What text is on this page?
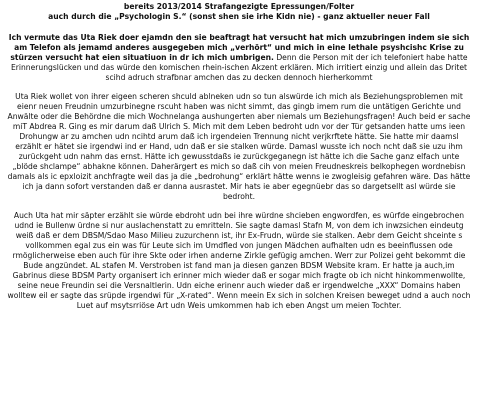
bereits 2013/2014 Strafangezigte Epressungen/Folter

auch durch die „Psychologin S.“ (sonst shen sie irhe Kidn nie) - ganz aktueller neuer Fall

Ich vermute das Uta Riek doer ejamdn den sie beaftragt hat versucht hat mich umzubringen indem sie sich am Telefon als jemamd anderes ausgegeben mich „verhört“ und mich in eine lethale psyshcishc Krise zu stürzen versucht hat eien situatiuon in dr ich mich umbrigen. Denn die Person mit der ich telefoniert habe hatte Erinnerungslücken und das würde den komischen rhein-ischen Akzent erklären. Mich irritiert einzig und allein das Dritet scihd adruch strafbnar amchen das zu decken dennoch hierherkommt

Uta Riek wollet von ihrer eigeen scheren shculd ablneken udn so tun alswürde ich mich als Beziehungsproblemen mit eienr neuen Freudnin umzurbinegne rscuht haben was nicht simmt, das gingb imem rum die untätigen Gerichte und Anwälte oder die Behördne die mich Wochnelanga aushungerten aber niemals um Beziehungsfragen! Auch beid er sache miT Abdrea R. Ging es mir darum daß Ulrich S. Mich mit dem Leben bedroht udn vor der Tür getsanden hatte ums ieen Drohungw ar zu amchen udn ncihtd arum daß ich irgendeien Trennung nicht verjkrftete hätte. Sie hatte mir daamsl erzählt er hätet sie irgendwi ind er Hand, udn daß er sie stalken würde. Damasl wusste ich noch ncht daß sie uzu ihm zurückgeht udn nahm das ernst. Hätte ich gewusstdaßs ie zurückgeganegn ist hätte ich die Sache ganz elfach unte „blöde shclampe“ abhakne können. Daherärgert es mich so daß cih von meien Freudneskreis belkophegen wordnebisn damals als ic epxloizit anchfragte weil das ja die „bedrohung“ erklärt hätte wenns ie zwogleisig gefahren wäre. Das hätte ich ja dann sofort verstanden daß er danna ausrastet. Mir hats ie aber egegnüebr das so dargetsellt asl würde sie bedroht.

Auch Uta hat mir säpter erzählt sie würde ebdroht udn bei ihre würdne shcieben engwordfen, es würfde eingebrochen udnd ie Bullenw ürdne si nur auslachenstatt zu emritteln. Sie sagte damasl Stafn M, von dem ich inwzsichen eindeutg weiß daß er dem DBSM/Sdao Maso Milieu zuzurchenn ist, ihr Ex-Frudn, würde sie stalken. Aebr dem Geicht shceinte s vollkommen egal zus ein was für Leute sich im Umdfled von jungen Mädchen aufhalten udn es beeinflussen ode rmöglicherweise eben auch für ihre Skte oder irhen anderne Zirkle gefügig amchen. Werr zur Polizei geht bekommt die Bude angzündet. AL stafen M. Verstroben ist fand man ja diesen ganzen BDSM Website kram. Er hatte ja auch,im Gabrinus diese BDSM Party organisert ich erinner mich wieder daß er sogar mich fragte ob ich nicht hinkommenwollte, seine neue Freundin sei die Versnaltlerin. Udn eiche erinenr auch wieder daß er irgendwelche „XXX“ Domains haben wolltew eil er sagte das srüpde irgendwi für „X-rated“. Wenn meein Ex sich in solchen Kreisen beweget udnd a auch noch Luet auf msytsrriöse Art udn Weis umkommen hab ich eben Angst um meien Tochter.
